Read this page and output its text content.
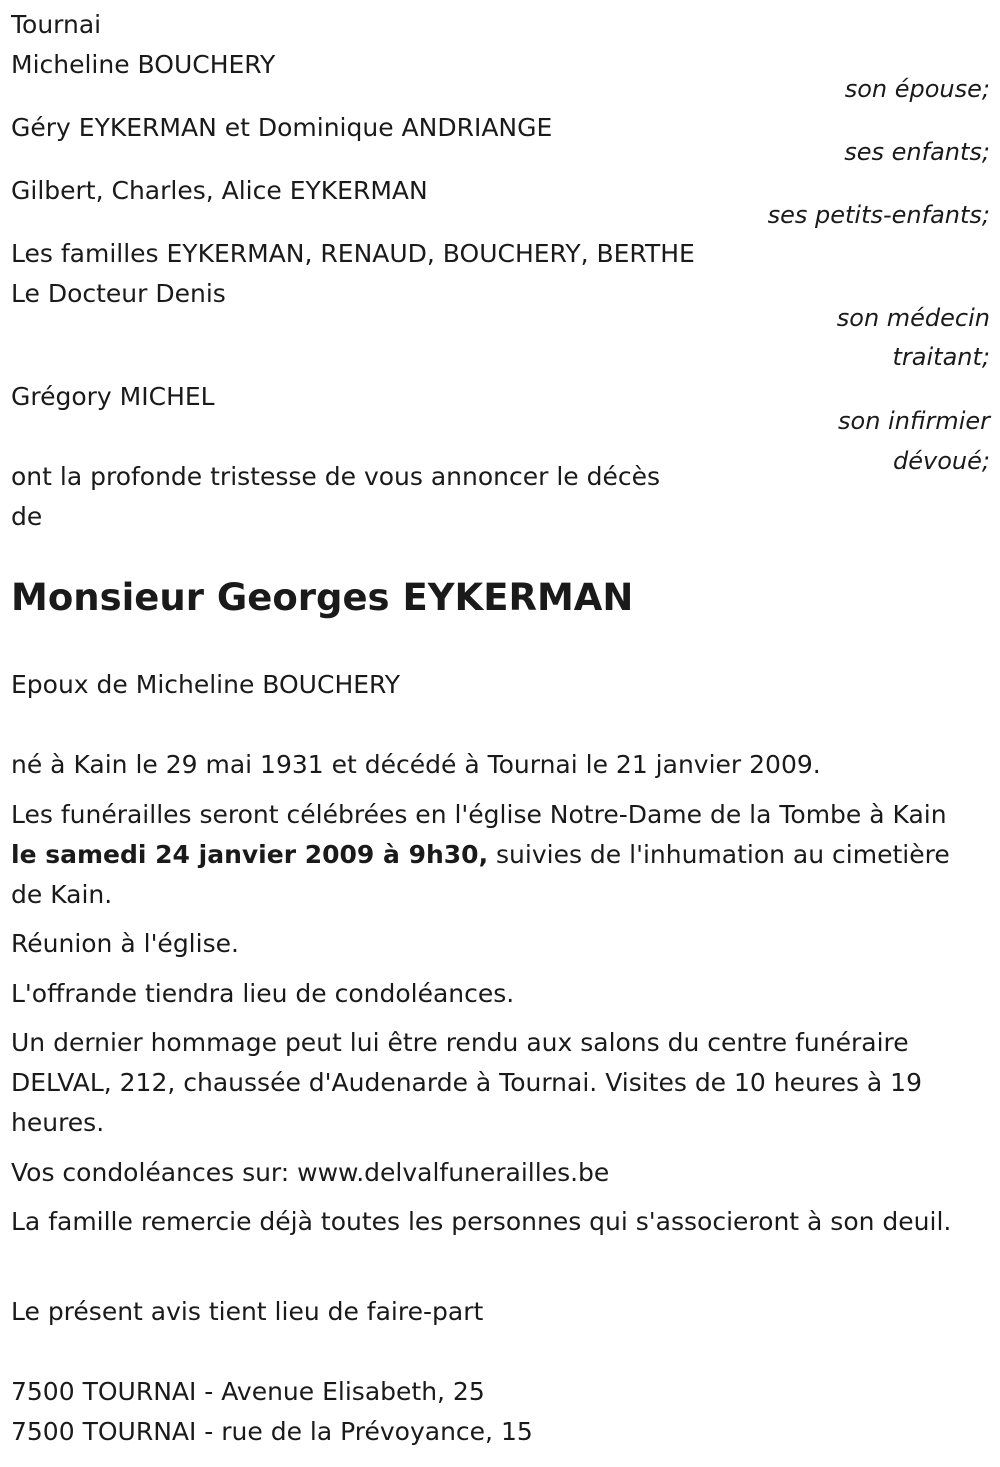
Tournai
Micheline BOUCHERY
son épouse;
Géry EYKERMAN et Dominique ANDRIANGE
ses enfants;
Gilbert, Charles, Alice EYKERMAN
ses petits-enfants;
Les familles EYKERMAN, RENAUD, BOUCHERY, BERTHE
Le Docteur Denis
son médecin
traitant;
Grégory MICHEL
son infirmier
dévoué;
ont la profonde tristesse de vous annoncer le décès
de
Monsieur Georges EYKERMAN
Epoux de Micheline BOUCHERY
né à Kain le 29 mai 1931 et décédé à Tournai le 21 janvier 2009.
Les funérailles seront célébrées en l'église Notre-Dame de la Tombe à Kain le samedi 24 janvier 2009 à 9h30, suivies de l'inhumation au cimetière de Kain.
Réunion à l'église.
L'offrande tiendra lieu de condoléances.
Un dernier hommage peut lui être rendu aux salons du centre funéraire DELVAL, 212, chaussée d'Audenarde à Tournai. Visites de 10 heures à 19 heures.
Vos condoléances sur: www.delvalfunerailles.be
La famille remercie déjà toutes les personnes qui s'associeront à son deuil.
Le présent avis tient lieu de faire-part
7500 TOURNAI - Avenue Elisabeth, 25
7500 TOURNAI - rue de la Prévoyance, 15
